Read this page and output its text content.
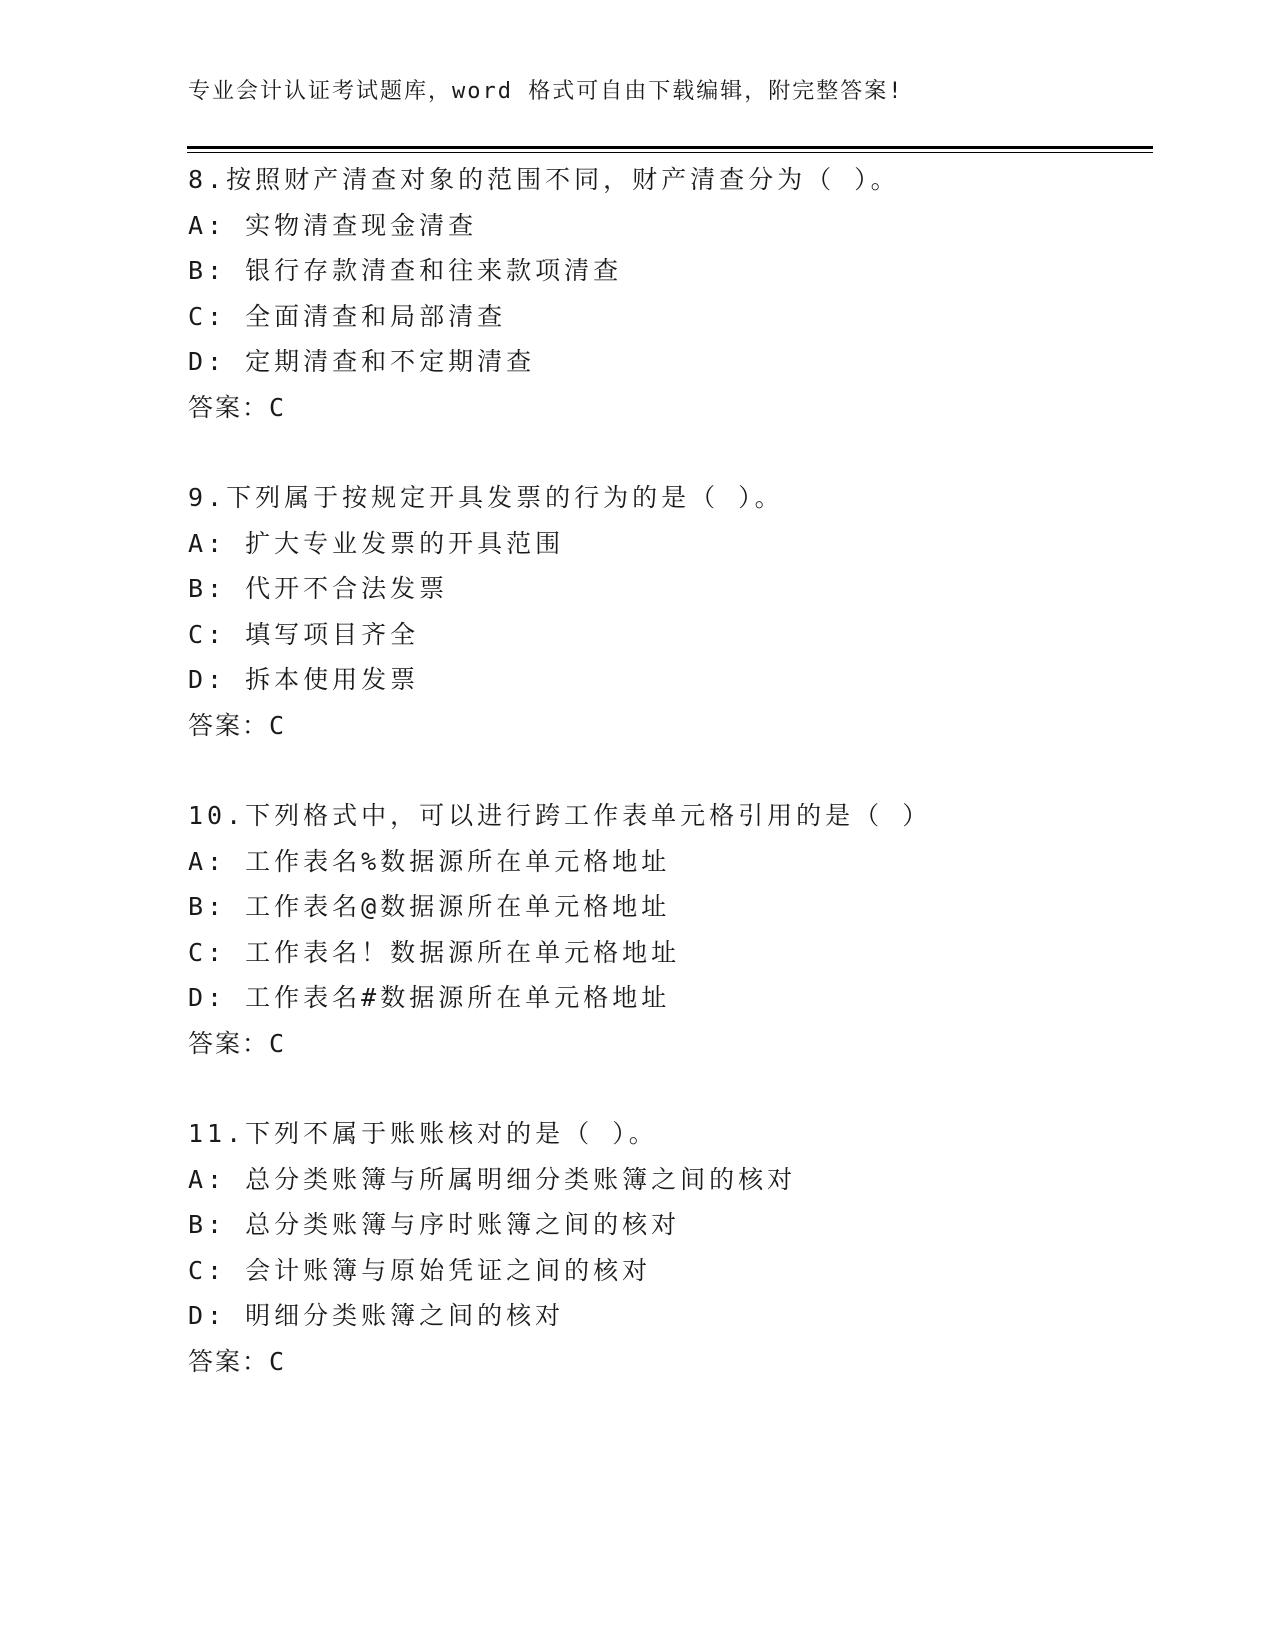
专业会计认证考试题库，word 格式可自由下载编辑，附完整答案!
8.按照财产清查对象的范围不同，财产清查分为（ ）。
A: 实物清查现金清查
B: 银行存款清查和往来款项清查
C: 全面清查和局部清查
D: 定期清查和不定期清查
答案：C
9.下列属于按规定开具发票的行为的是（ ）。
A: 扩大专业发票的开具范围
B: 代开不合法发票
C: 填写项目齐全
D: 拆本使用发票
答案：C
10.下列格式中，可以进行跨工作表单元格引用的是（ ）
A: 工作表名%数据源所在单元格地址
B: 工作表名@数据源所在单元格地址
C: 工作表名！数据源所在单元格地址
D: 工作表名#数据源所在单元格地址
答案：C
11.下列不属于账账核对的是（ ）。
A: 总分类账簿与所属明细分类账簿之间的核对
B: 总分类账簿与序时账簿之间的核对
C: 会计账簿与原始凭证之间的核对
D: 明细分类账簿之间的核对
答案：C
